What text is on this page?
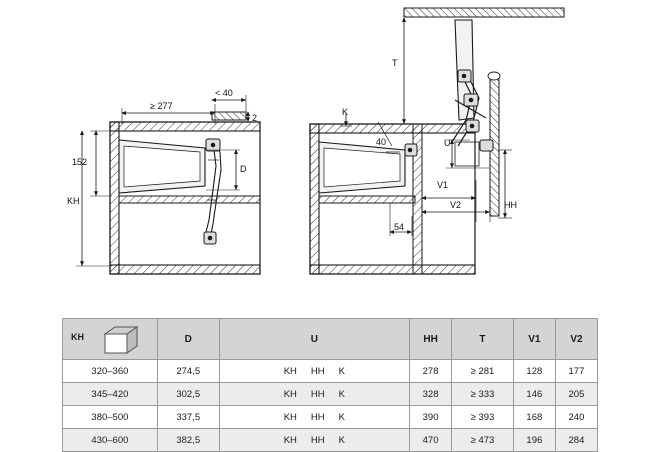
≥ 277
< 40
2
152
KH
D
T
K
40	U
V1
V2	HH
54
KH	D	U	HH	T	V1	V2
320–360	274,5	KH HH K	278	≥ 281	128	177
345–420	302,5	KH HH K	328	≥ 333	146	205
380–500	337,5	KH HH K	390	≥ 393	168	240
430–600	382,5	KH HH K	470	≥ 473	196	284
